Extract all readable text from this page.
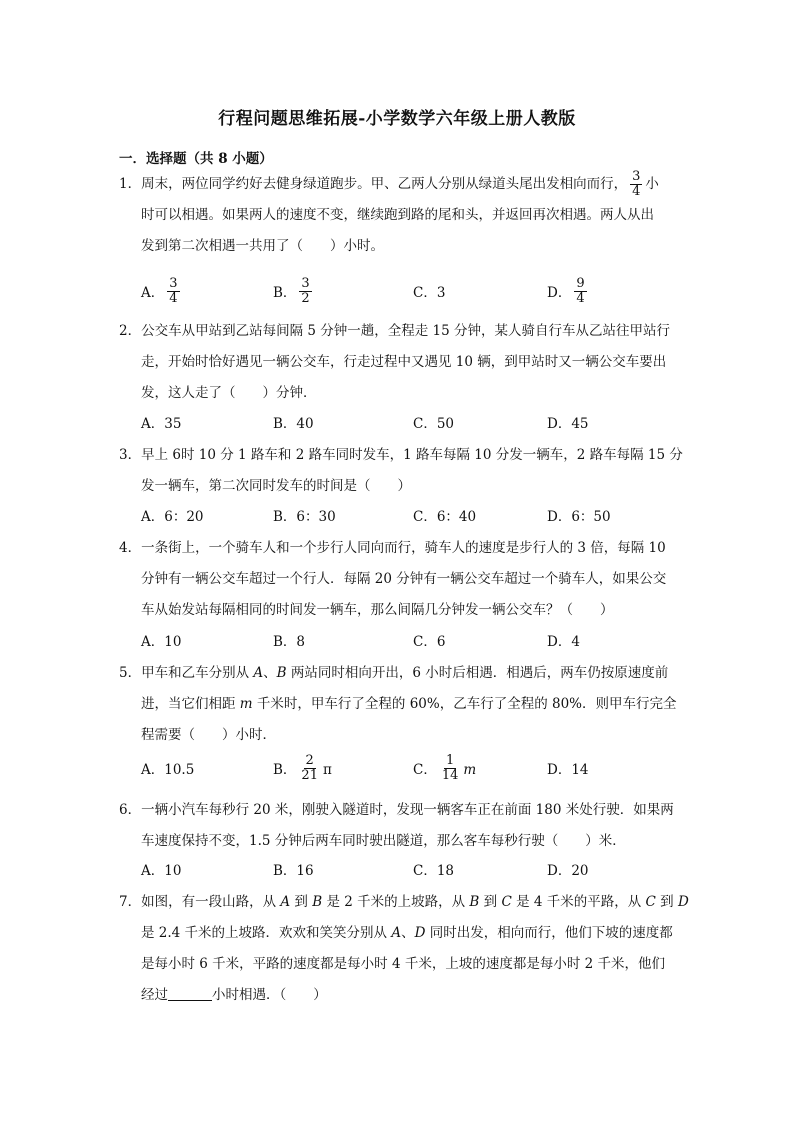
行程问题思维拓展-小学数学六年级上册人教版
一．选择题（共 8 小题）
1．周末，两位同学约好去健身绿道跑步。甲、乙两人分别从绿道头尾出发相向而行， $\frac{3}{4}$ 小
时可以相遇。如果两人的速度不变，继续跑到路的尾和头，并返回再次相遇。两人从出
发到第二次相遇一共用了（　　）小时。
A． $\frac{3}{4}$	B． $\frac{3}{2}$	C．3	D． $\frac{9}{4}$
2．公交车从甲站到乙站每间隔 5 分钟一趟，全程走 15 分钟，某人骑自行车从乙站往甲站行
走，开始时恰好遇见一辆公交车，行走过程中又遇见 10 辆，到甲站时又一辆公交车要出
发，这人走了（　　）分钟．
A．35	B．40	C．50	D．45
3．早上 6时 10 分 1 路车和 2 路车同时发车，1 路车每隔 10 分发一辆车，2 路车每隔 15 分
发一辆车，第二次同时发车的时间是（　　）
A．6：20	B．6：30	C．6：40	D．6：50
4．一条街上，一个骑车人和一个步行人同向而行，骑车人的速度是步行人的 3 倍，每隔 10
分钟有一辆公交车超过一个行人．每隔 20 分钟有一辆公交车超过一个骑车人，如果公交
车从始发站每隔相同的时间发一辆车，那么间隔几分钟发一辆公交车？（　　）
A．10	B．8	C．6	D．4
5．甲车和乙车分别从 A、B 两站同时相向开出，6 小时后相遇．相遇后，两车仍按原速度前
进，当它们相距 m 千米时，甲车行了全程的 60%，乙车行了全程的 80%．则甲车行完全
程需要（　　）小时．
A．10.5	B． $\frac{2}{21}$ π	C． $\frac{1}{14}$ m	D．14
6．一辆小汽车每秒行 20 米，刚驶入隧道时，发现一辆客车正在前面 180 米处行驶．如果两
车速度保持不变，1.5 分钟后两车同时驶出隧道，那么客车每秒行驶（　　）米．
A．10	B．16	C．18	D．20
7．如图，有一段山路，从 A 到 B 是 2 千米的上坡路，从 B 到 C 是 4 千米的平路，从 C 到 D
是 2.4 千米的上坡路．欢欢和笑笑分别从 A、D 同时出发，相向而行，他们下坡的速度都
是每小时 6 千米，平路的速度都是每小时 4 千米，上坡的速度都是每小时 2 千米，他们
经过	小时相遇．（　　）
